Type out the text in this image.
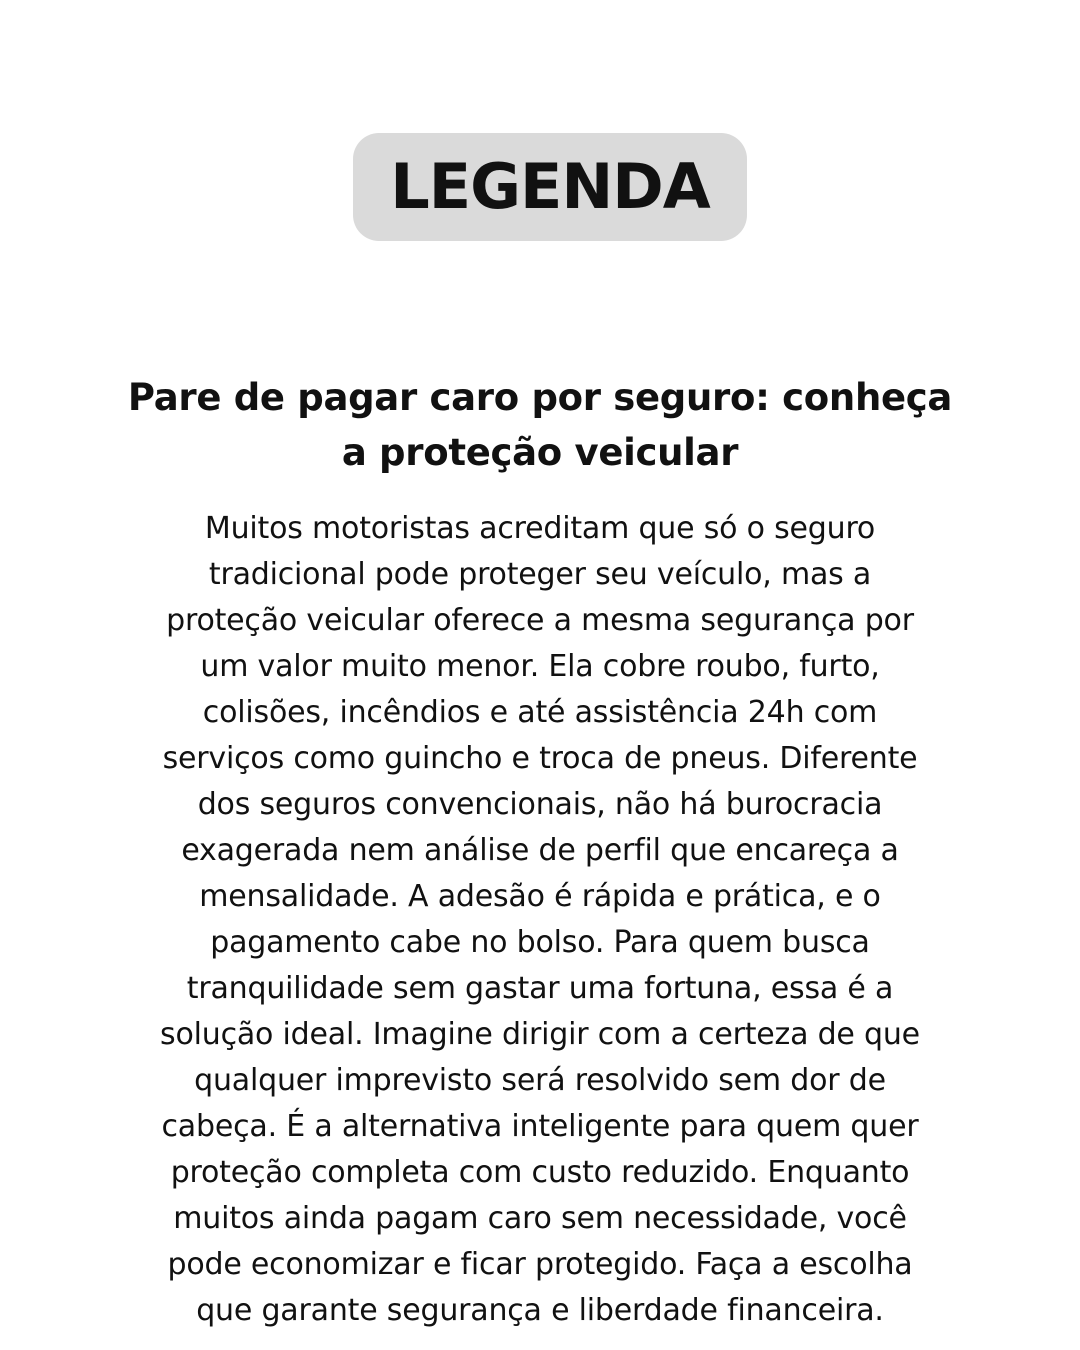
LEGENDA
Pare de pagar caro por seguro: conheça
a proteção veicular

Muitos motoristas acreditam que só o seguro
tradicional pode proteger seu veículo, mas a
proteção veicular oferece a mesma segurança por
um valor muito menor. Ela cobre roubo, furto,
colisões, incêndios e até assistência 24h com
serviços como guincho e troca de pneus. Diferente
dos seguros convencionais, não há burocracia
exagerada nem análise de perfil que encareça a
mensalidade. A adesão é rápida e prática, e o
pagamento cabe no bolso. Para quem busca
tranquilidade sem gastar uma fortuna, essa é a
solução ideal. Imagine dirigir com a certeza de que
qualquer imprevisto será resolvido sem dor de
cabeça. É a alternativa inteligente para quem quer
proteção completa com custo reduzido. Enquanto
muitos ainda pagam caro sem necessidade, você
pode economizar e ficar protegido. Faça a escolha
que garante segurança e liberdade financeira.
